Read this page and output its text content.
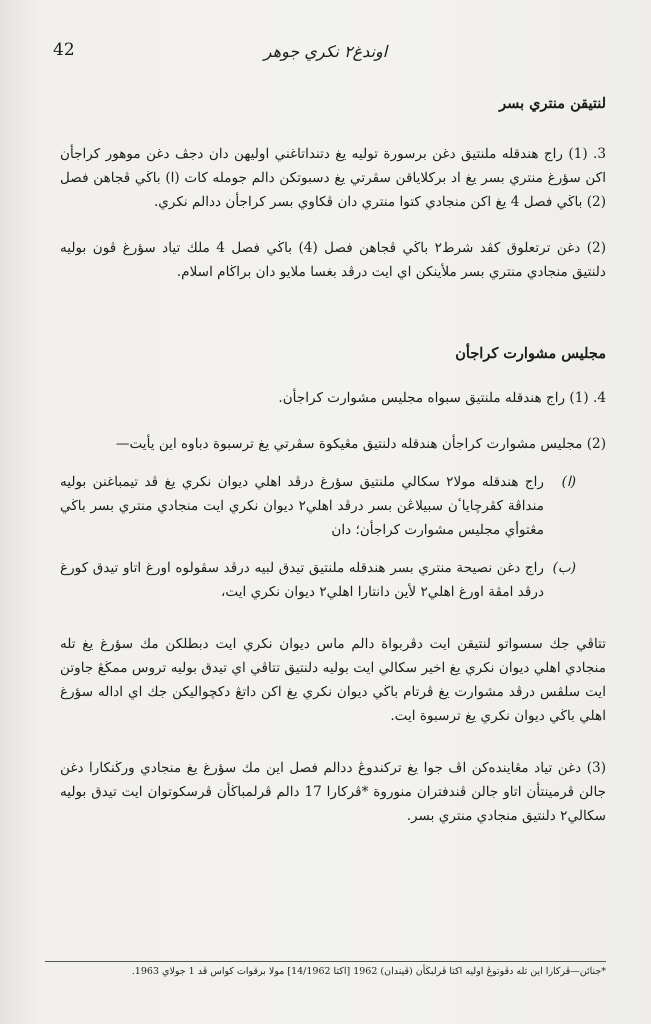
42	اوندغ٢ نكري جوهر
لنتيقن منتري بسر

3. (1) راج هندقله ملنتيق دغن برسورة توليه يغ دتنداتاغني اوليهن دان دجڤ دغن موهور كراجأن اكن سؤرغ منتري بسر يغ اد بركلاياقن سڤرتي يغ دسبوتكن دالم جومله كات (ا) باڬي ڤجاهن فصل (2) باڬي فصل 4 يغ اكن منجادي كتوا منتري دان ڤكاوي بسر كراجأن ددالم نكري.

(2) دغن ترتعلوق كڤد شرط٢ باڬي ڤجاهن فصل (4) باڬي فصل 4 ملك تياد سؤرغ ڤون بوليه دلنتيق منجادي منتري بسر ملأينكن اي ايت درڤد بغسا ملايو دان براڬام اسلام.

مجليس مشوارت كراجأن

4. (1) راج هندقله ملنتيق سبواه مجليس مشوارت كراجأن.

(2) مجليس مشوارت كراجأن هندقله دلنتيق مڠيكوة سڤرتي يغ ترسبوة دباوه اين يأيت—

(ا)
راج هندقله مولا٢ سكالي ملنتيق سؤرغ درڤد اهلي ديوان نكري يغ ڤد تيمباغنن بوليه منداڤة كڤرچاياٴن سبيلاڠن بسر درڤد اهلي٢ ديوان نكري ايت منجادي منتري بسر باڬي مڠتوأي مجليس مشوارت كراجأن؛ دان
(ب)
راج دغن نصيحة منتري بسر هندقله ملنتيق تيدق لبيه درڤد سڤولوه اورغ اتاو تيدق كورغ درڤد امڤة اورغ اهلي٢ لأين دانتارا اهلي٢ ديوان نكري ايت،

تتاڤي جك سسواتو لنتيقن ايت دڤربواة دالم ماس ديوان نكري ايت دبطلكن مك سؤرغ يغ تله منجادي اهلي ديوان نكري يغ اخير سكالي ايت بوليه دلنتيق تتاڤي اي تيدق بوليه تروس ممڬڠ جاوتن ايت سلڤس درڤد مشوارت يغ ڤرتام باڬي ديوان نكري يغ اكن داتڠ دكچواليكن جك اي اداله سؤرغ اهلي باڬي ديوان نكري يغ ترسبوة ايت.

(3) دغن تياد مڠاينده‌كن اڤ جوا يغ تركندوڠ ددالم فصل اين مك سؤرغ يغ منجادي ورڬنكارا دغن جالن ڤرمينتأن اتاو جالن ڤندفتران منوروة *ڤركارا 17 دالم ڤرلمباڬأن ڤرسكوتوان ايت تيدق بوليه سكالي٢ دلنتيق منجادي منتري بسر.

*جنائن—ڤركارا اين تله دڤوتوڠ اوليه اكتا ڤرلبڬأن (ڤيندان) 1962 [اكتا 14/1962] مولا برقوات كواس ڤد 1 جولاي 1963.
